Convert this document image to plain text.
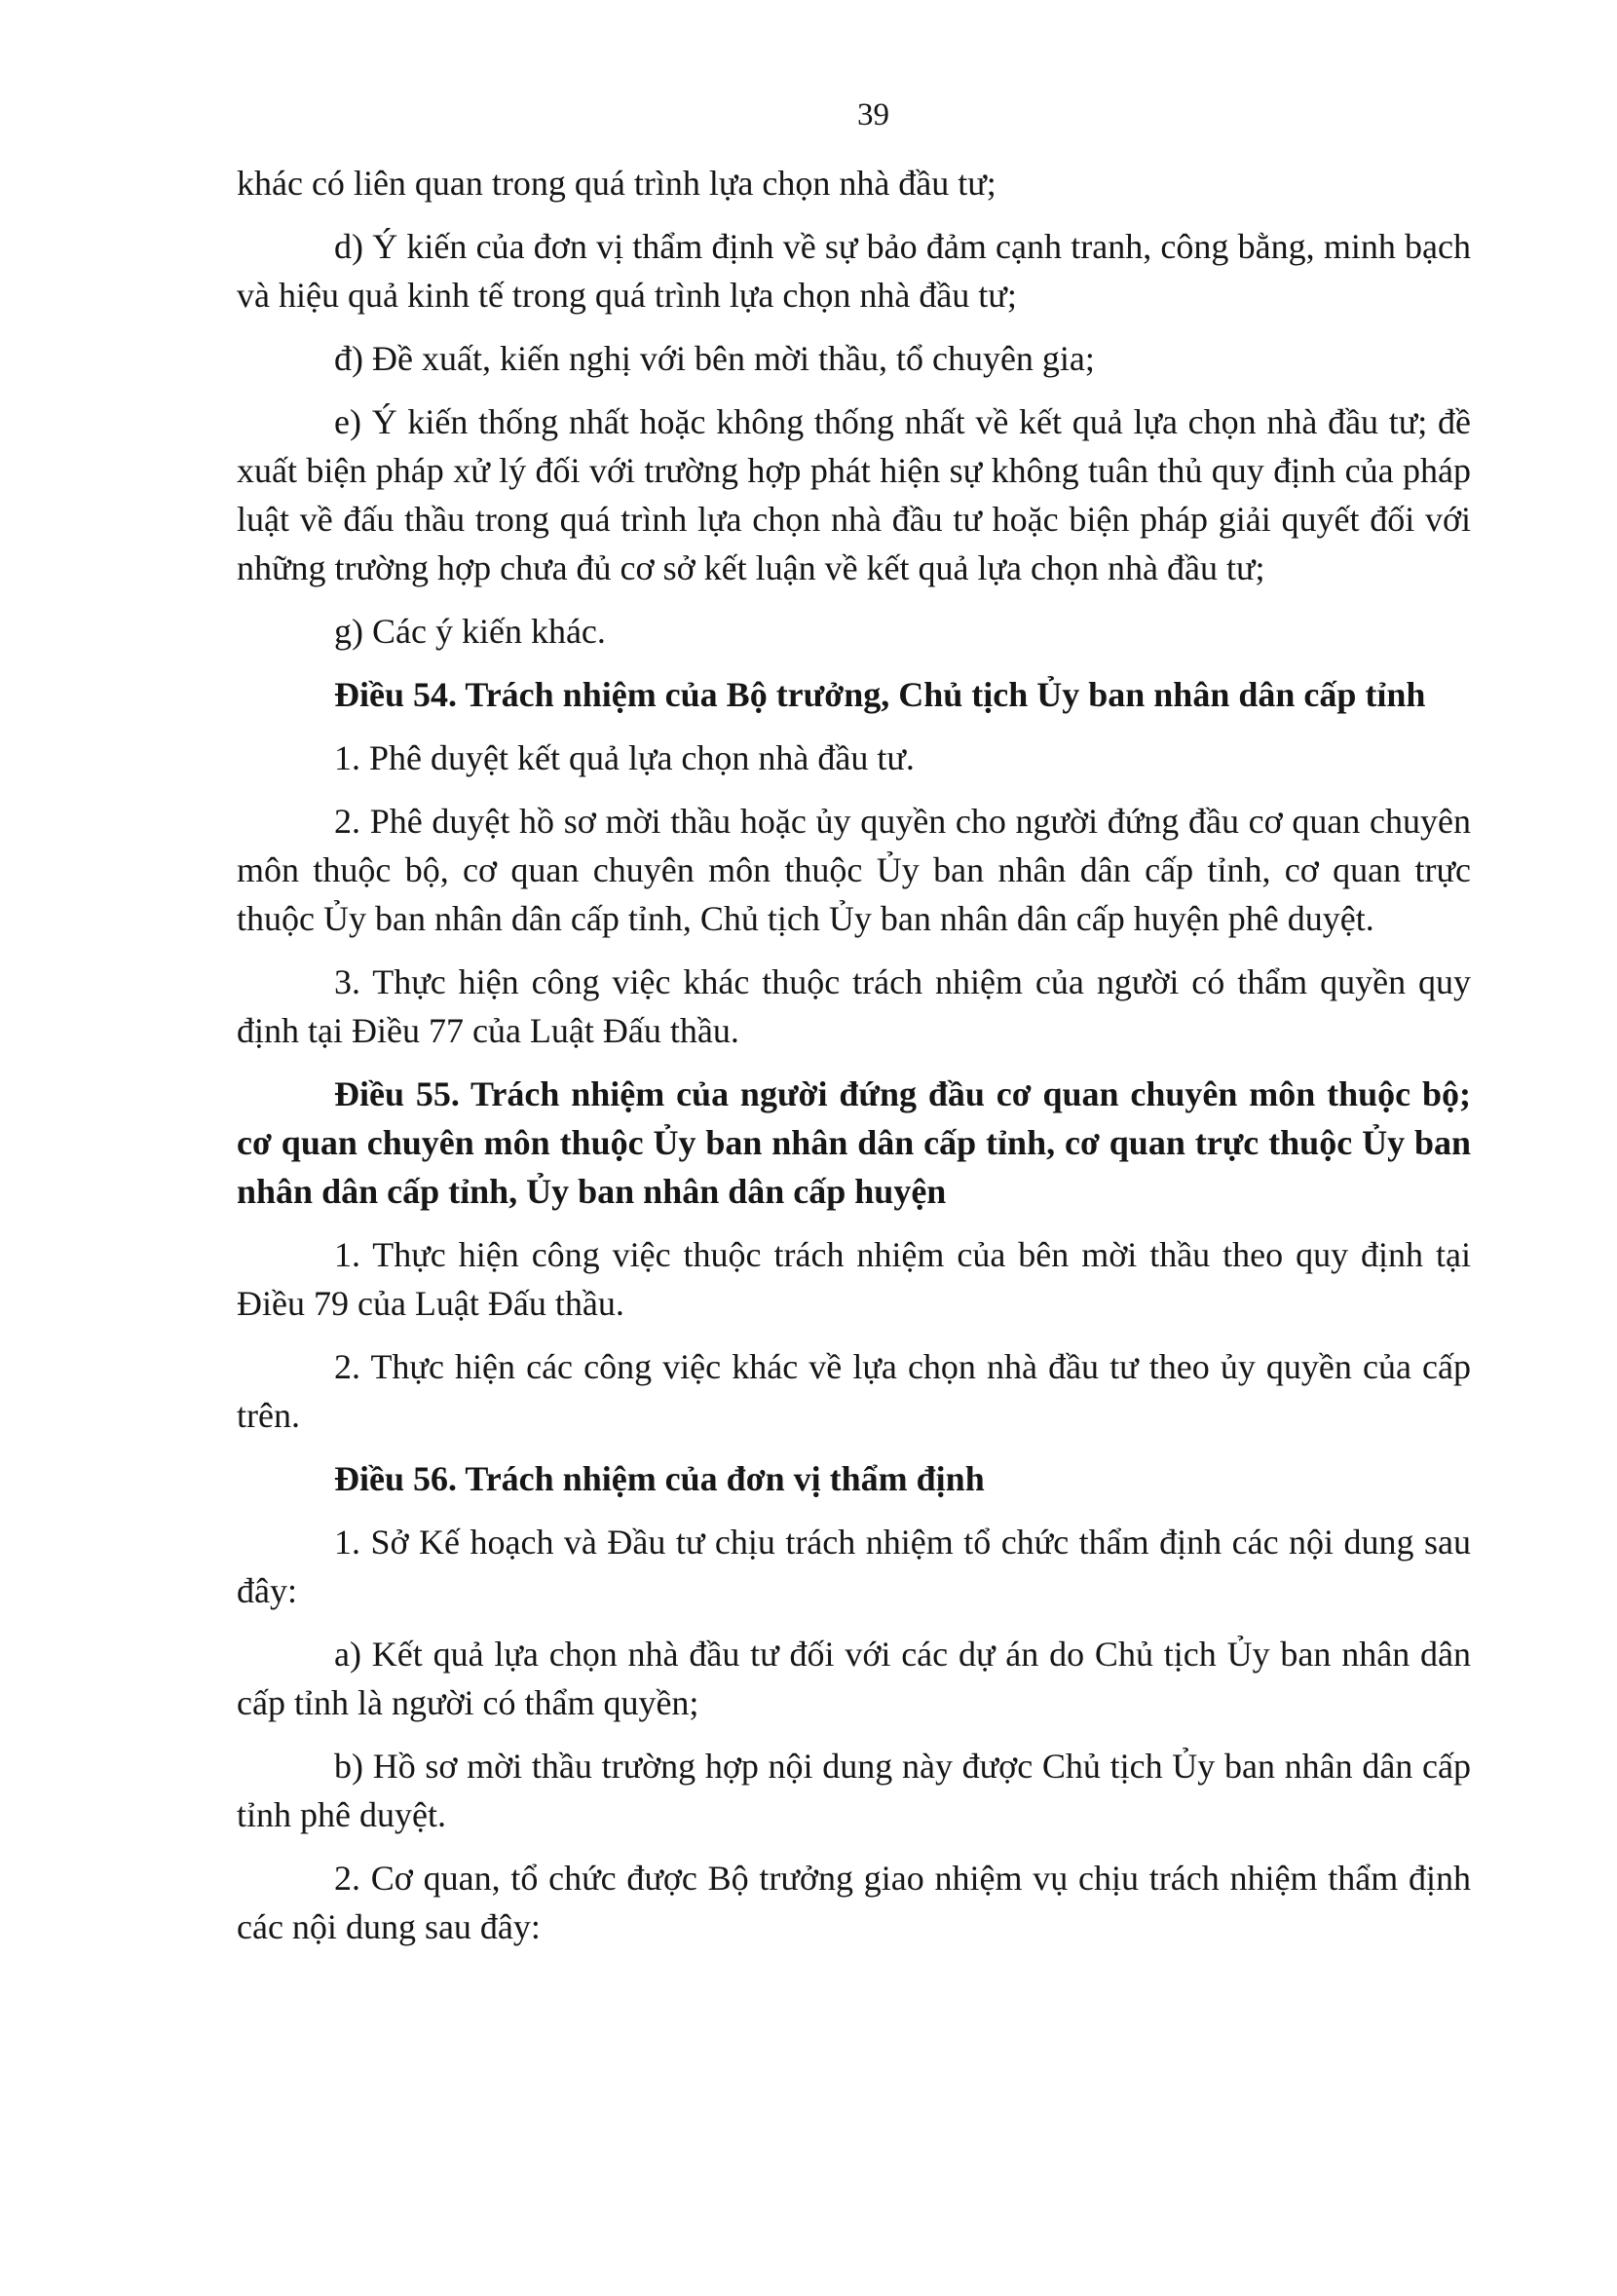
39

khác có liên quan trong quá trình lựa chọn nhà đầu tư;

d) Ý kiến của đơn vị thẩm định về sự bảo đảm cạnh tranh, công bằng, minh bạch và hiệu quả kinh tế trong quá trình lựa chọn nhà đầu tư;

đ) Đề xuất, kiến nghị với bên mời thầu, tổ chuyên gia;

e) Ý kiến thống nhất hoặc không thống nhất về kết quả lựa chọn nhà đầu tư; đề xuất biện pháp xử lý đối với trường hợp phát hiện sự không tuân thủ quy định của pháp luật về đấu thầu trong quá trình lựa chọn nhà đầu tư hoặc biện pháp giải quyết đối với những trường hợp chưa đủ cơ sở kết luận về kết quả lựa chọn nhà đầu tư;

g) Các ý kiến khác.

Điều 54. Trách nhiệm của Bộ trưởng, Chủ tịch Ủy ban nhân dân cấp tỉnh

1. Phê duyệt kết quả lựa chọn nhà đầu tư.

2. Phê duyệt hồ sơ mời thầu hoặc ủy quyền cho người đứng đầu cơ quan chuyên môn thuộc bộ, cơ quan chuyên môn thuộc Ủy ban nhân dân cấp tỉnh, cơ quan trực thuộc Ủy ban nhân dân cấp tỉnh, Chủ tịch Ủy ban nhân dân cấp huyện phê duyệt.

3. Thực hiện công việc khác thuộc trách nhiệm của người có thẩm quyền quy định tại Điều 77 của Luật Đấu thầu.

Điều 55. Trách nhiệm của người đứng đầu cơ quan chuyên môn thuộc bộ; cơ quan chuyên môn thuộc Ủy ban nhân dân cấp tỉnh, cơ quan trực thuộc Ủy ban nhân dân cấp tỉnh, Ủy ban nhân dân cấp huyện

1. Thực hiện công việc thuộc trách nhiệm của bên mời thầu theo quy định tại Điều 79 của Luật Đấu thầu.

2. Thực hiện các công việc khác về lựa chọn nhà đầu tư theo ủy quyền của cấp trên.

Điều 56. Trách nhiệm của đơn vị thẩm định

1. Sở Kế hoạch và Đầu tư chịu trách nhiệm tổ chức thẩm định các nội dung sau đây:

a) Kết quả lựa chọn nhà đầu tư đối với các dự án do Chủ tịch Ủy ban nhân dân cấp tỉnh là người có thẩm quyền;

b) Hồ sơ mời thầu trường hợp nội dung này được Chủ tịch Ủy ban nhân dân cấp tỉnh phê duyệt.

2. Cơ quan, tổ chức được Bộ trưởng giao nhiệm vụ chịu trách nhiệm thẩm định các nội dung sau đây:
